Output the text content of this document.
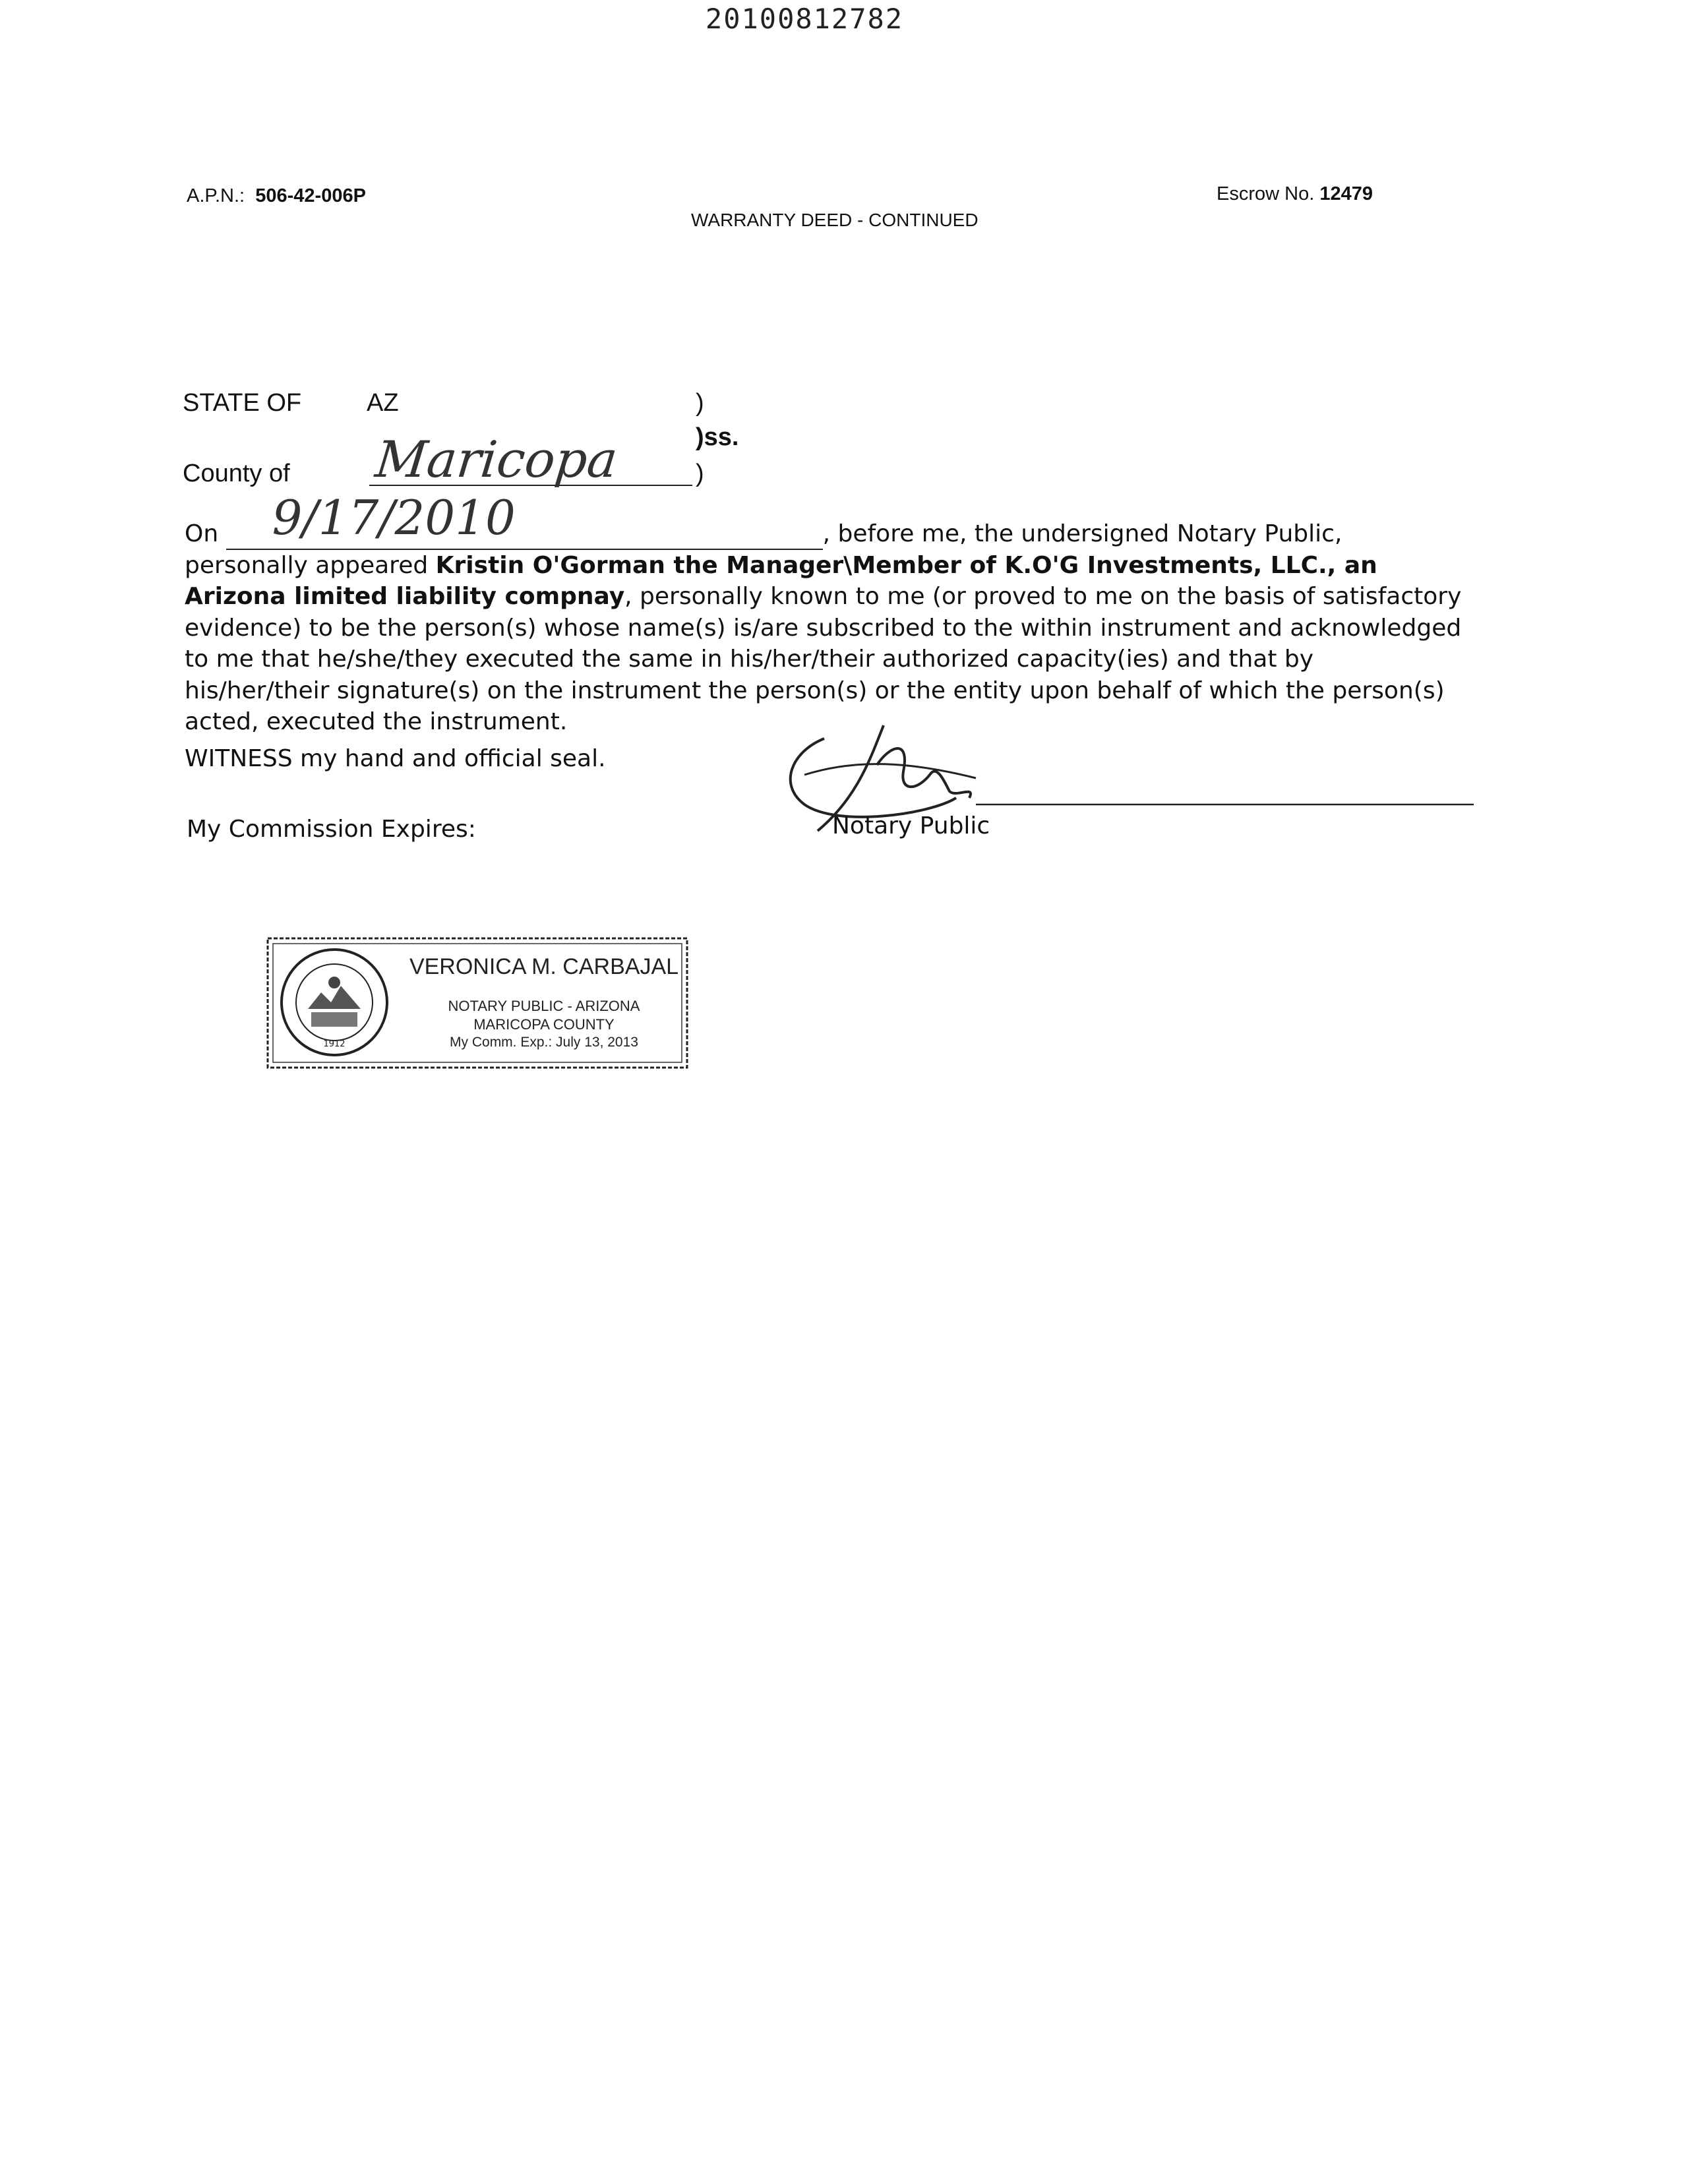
20100812782
A.P.N.: 506-42-006P	Escrow No. 12479
WARRANTY DEED - CONTINUED
STATE OF	AZ	)
)ss.
County of Maricopa	)
On 9/17/2010	, before me, the undersigned Notary Public, personally appeared Kristin O'Gorman the Manager\Member of K.O'G Investments, LLC., an Arizona limited liability compnay, personally known to me (or proved to me on the basis of satisfactory evidence) to be the person(s) whose name(s) is/are subscribed to the within instrument and acknowledged to me that he/she/they executed the same in his/her/their authorized capacity(ies) and that by his/her/their signature(s) on the instrument the person(s) or the entity upon behalf of which the person(s) acted, executed the instrument.
WITNESS my hand and official seal.
My Commission Expires:	Notary Public
1912
VERONICA M. CARBAJAL
NOTARY PUBLIC - ARIZONA
MARICOPA COUNTY
My Comm. Exp.: July 13, 2013
